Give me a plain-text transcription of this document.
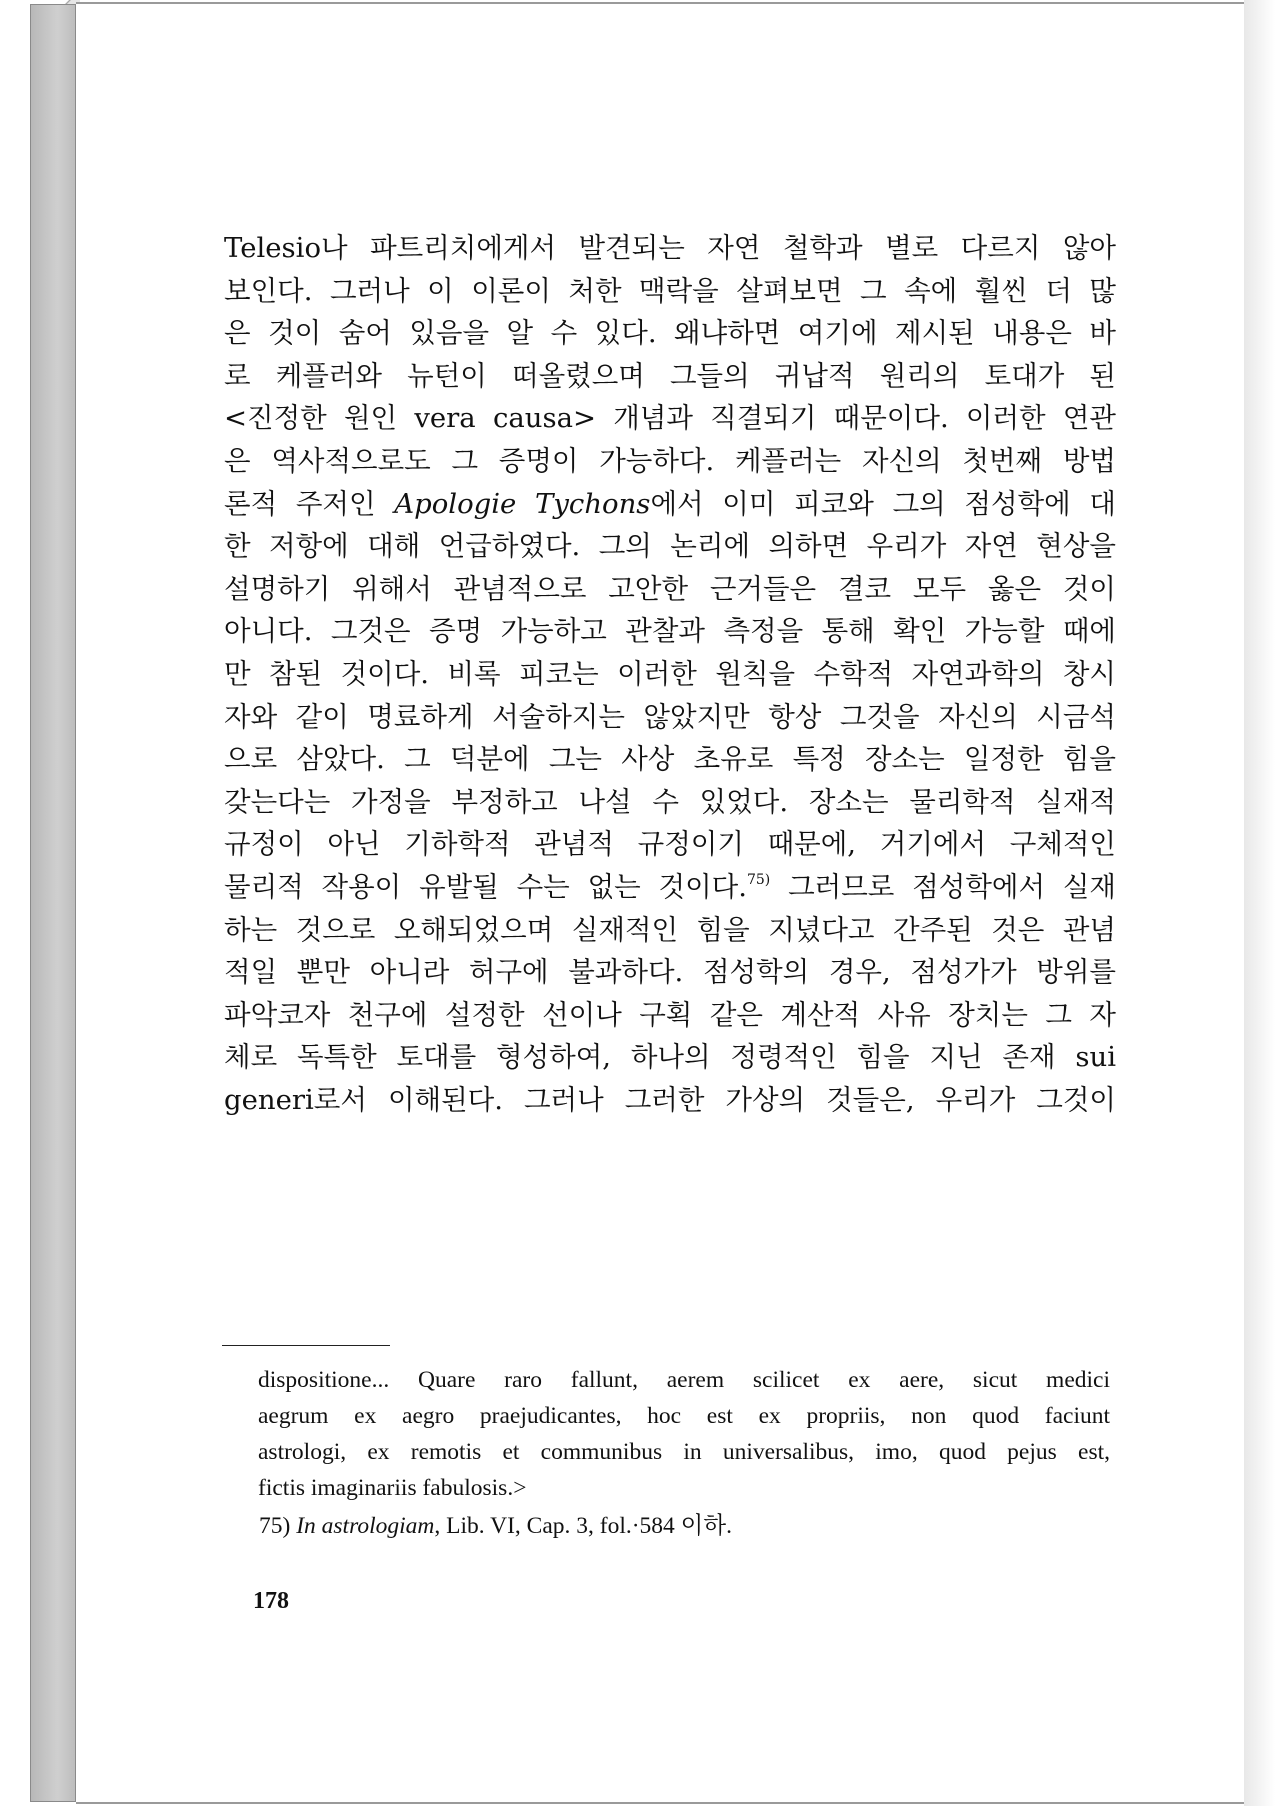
Telesio나 파트리치에게서 발견되는 자연 철학과 별로 다르지 않아
보인다. 그러나 이 이론이 처한 맥락을 살펴보면 그 속에 훨씬 더 많
은 것이 숨어 있음을 알 수 있다. 왜냐하면 여기에 제시된 내용은 바
로 케플러와 뉴턴이 떠올렸으며 그들의 귀납적 원리의 토대가 된
<진정한 원인 vera causa> 개념과 직결되기 때문이다. 이러한 연관
은 역사적으로도 그 증명이 가능하다. 케플러는 자신의 첫번째 방법
론적 주저인 Apologie Tychons에서 이미 피코와 그의 점성학에 대
한 저항에 대해 언급하였다. 그의 논리에 의하면 우리가 자연 현상을
설명하기 위해서 관념적으로 고안한 근거들은 결코 모두 옳은 것이
아니다. 그것은 증명 가능하고 관찰과 측정을 통해 확인 가능할 때에
만 참된 것이다. 비록 피코는 이러한 원칙을 수학적 자연과학의 창시
자와 같이 명료하게 서술하지는 않았지만 항상 그것을 자신의 시금석
으로 삼았다. 그 덕분에 그는 사상 초유로 특정 장소는 일정한 힘을
갖는다는 가정을 부정하고 나설 수 있었다. 장소는 물리학적 실재적
규정이 아닌 기하학적 관념적 규정이기 때문에, 거기에서 구체적인
물리적 작용이 유발될 수는 없는 것이다.$^{75)}$ 그러므로 점성학에서 실재
하는 것으로 오해되었으며 실재적인 힘을 지녔다고 간주된 것은 관념
적일 뿐만 아니라 허구에 불과하다. 점성학의 경우, 점성가가 방위를
파악코자 천구에 설정한 선이나 구획 같은 계산적 사유 장치는 그 자
체로 독특한 토대를 형성하여, 하나의 정령적인 힘을 지닌 존재 sui
generi로서 이해된다. 그러나 그러한 가상의 것들은, 우리가 그것이
dispositione... Quare raro fallunt, aerem scilicet ex aere, sicut medici
aegrum ex aegro praejudicantes, hoc est ex propriis, non quod faciunt
astrologi, ex remotis et communibus in universalibus, imo, quod pejus est,
fictis imaginariis fabulosis.>
75) In astrologiam, Lib. VI, Cap. 3, fol.·584 이하.
178
